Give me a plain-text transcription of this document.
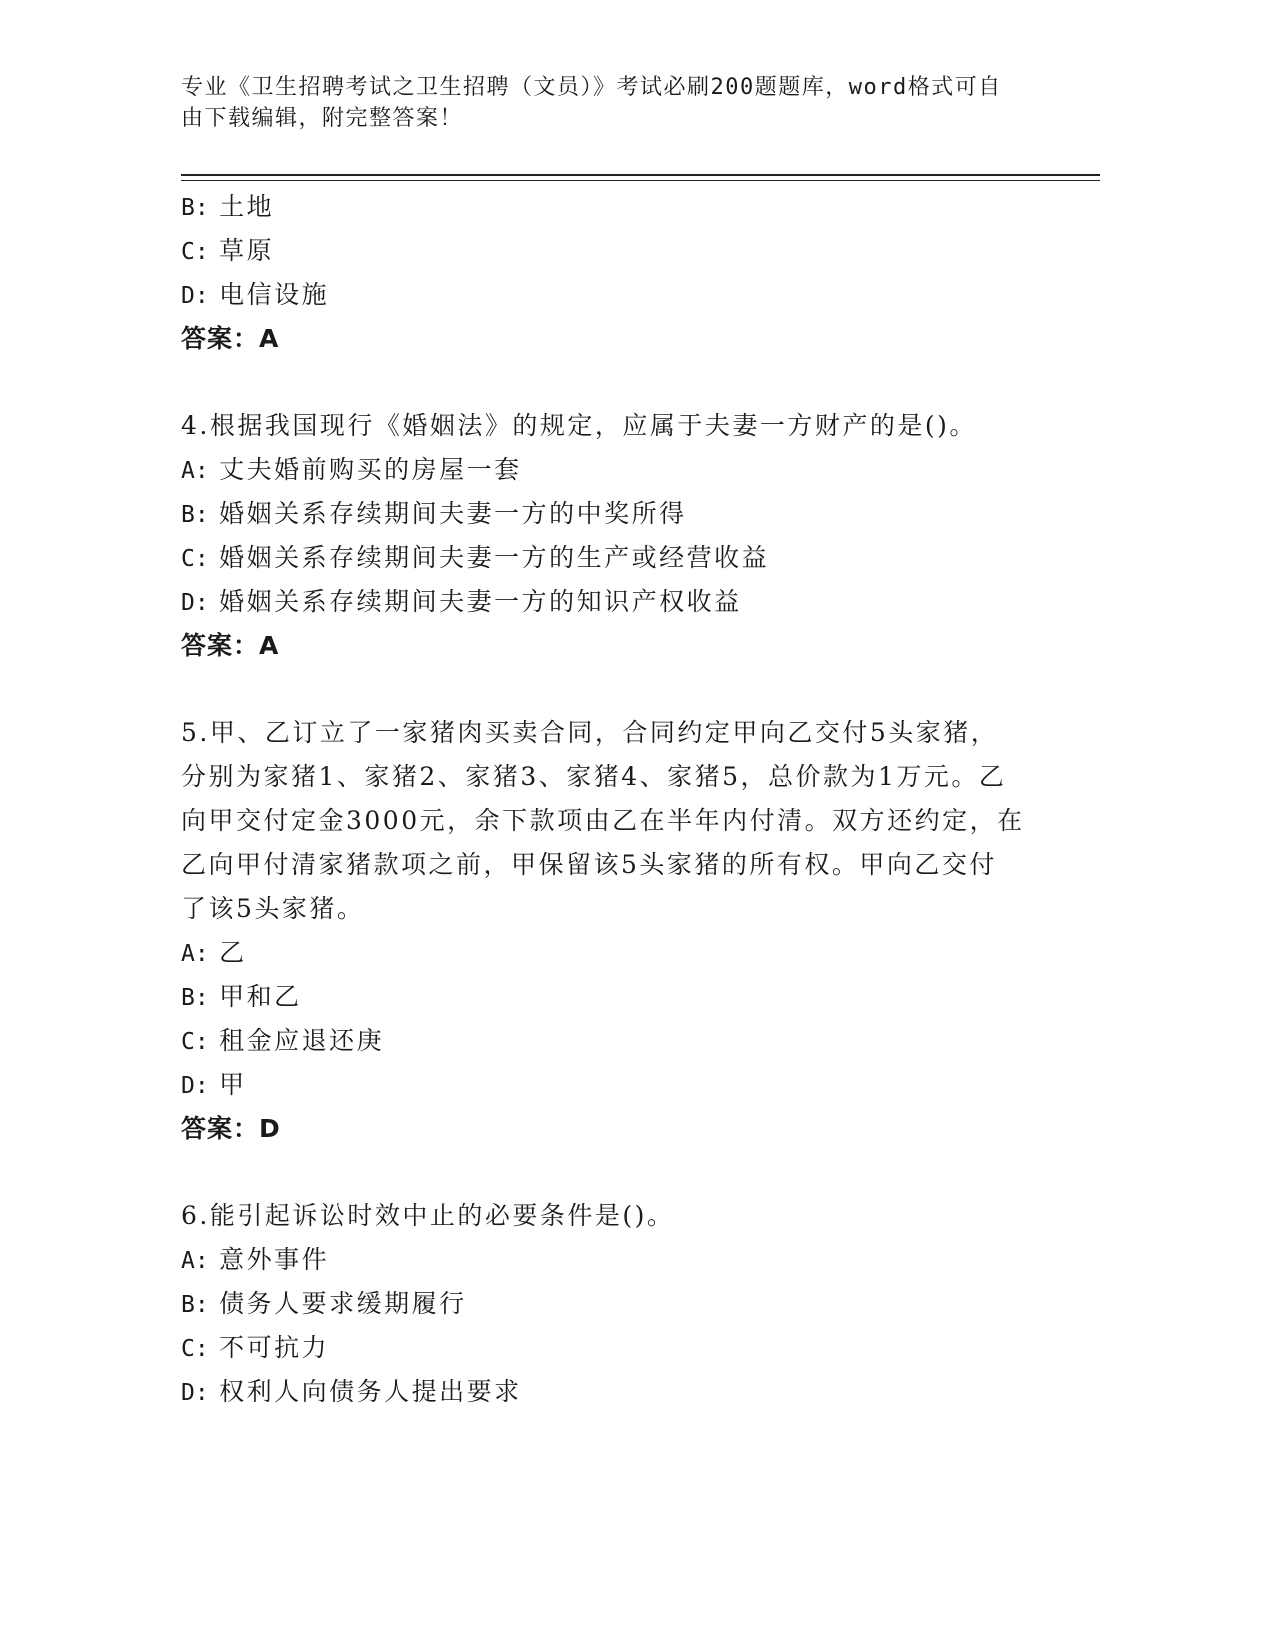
专业《卫生招聘考试之卫生招聘（文员）》考试必刷200题题库，word格式可自
由下载编辑，附完整答案！
B: 土地
C: 草原
D: 电信设施
答案：A
4.根据我国现行《婚姻法》的规定，应属于夫妻一方财产的是()。
A: 丈夫婚前购买的房屋一套
B: 婚姻关系存续期间夫妻一方的中奖所得
C: 婚姻关系存续期间夫妻一方的生产或经营收益
D: 婚姻关系存续期间夫妻一方的知识产权收益
答案：A
5.甲、乙订立了一家猪肉买卖合同，合同约定甲向乙交付5头家猪，
分别为家猪1、家猪2、家猪3、家猪4、家猪5，总价款为1万元。乙
向甲交付定金3000元，余下款项由乙在半年内付清。双方还约定，在
乙向甲付清家猪款项之前，甲保留该5头家猪的所有权。甲向乙交付
了该5头家猪。
A: 乙
B: 甲和乙
C: 租金应退还庚
D: 甲
答案：D
6.能引起诉讼时效中止的必要条件是()。
A: 意外事件
B: 债务人要求缓期履行
C: 不可抗力
D: 权利人向债务人提出要求
